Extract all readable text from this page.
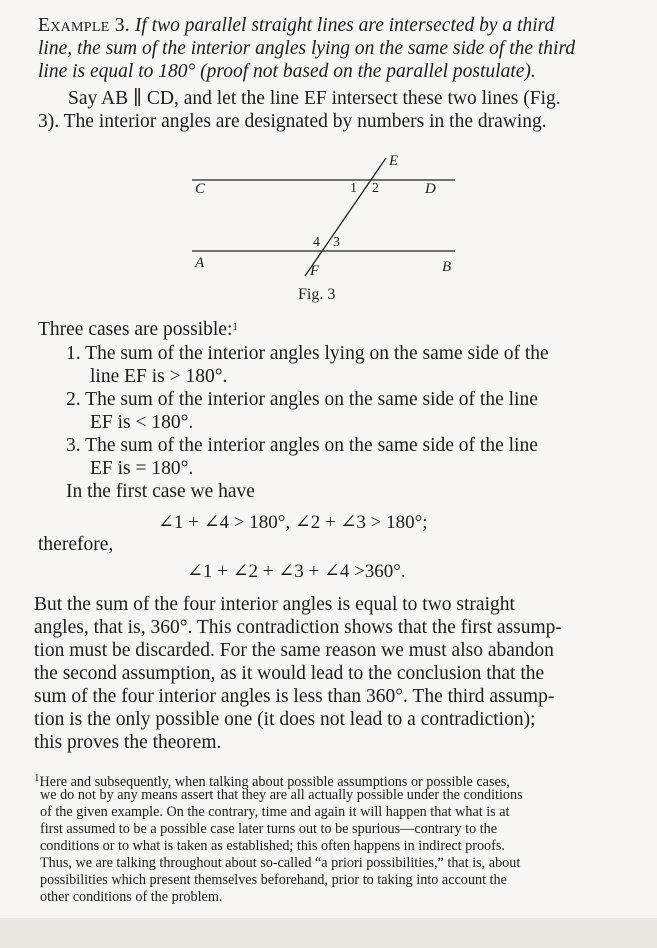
Example 3. If two parallel straight lines are intersected by a third
line, the sum of the interior angles lying on the same side of the third
line is equal to 180° (proof not based on the parallel postulate).
Say AB ∥ CD, and let the line EF intersect these two lines (Fig.
3). The interior angles are designated by numbers in the drawing.
C	D
A	B
E
F
1 2
3
4
Fig. 3
Three cases are possible:$^1$
1. The sum of the interior angles lying on the same side of the
line EF is > 180°.
2. The sum of the interior angles on the same side of the line
EF is < 180°.
3. The sum of the interior angles on the same side of the line
EF is = 180°.
In the first case we have
∠1 + ∠4 > 180°, ∠2 + ∠3 > 180°;
therefore,
∠1 + ∠2 + ∠3 + ∠4 >360°.
But the sum of the four interior angles is equal to two straight
angles, that is, 360°. This contradiction shows that the first assump-
tion must be discarded. For the same reason we must also abandon
the second assumption, as it would lead to the conclusion that the
sum of the four interior angles is less than 360°. The third assump-
tion is the only possible one (it does not lead to a contradiction);
this proves the theorem.
$^1$Here and subsequently, when talking about possible assumptions or possible cases,
we do not by any means assert that they are all actually possible under the conditions
of the given example. On the contrary, time and again it will happen that what is at
first assumed to be a possible case later turns out to be spurious—contrary to the
conditions or to what is taken as established; this often happens in indirect proofs.
Thus, we are talking throughout about so-called “a priori possibilities,” that is, about
possibilities which present themselves beforehand, prior to taking into account the
other conditions of the problem.
